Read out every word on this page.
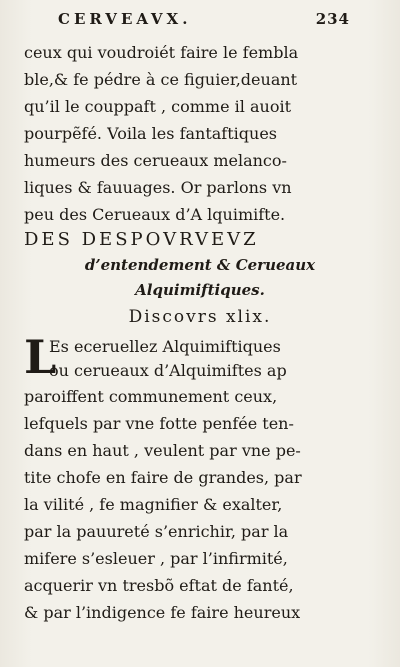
CERVEAVX.	234
ceux qui voudroiét faire le fembla
ble,& fe pédre à ce figuier,deuant
qu’il le couppaft , comme il auoit
pourpẽfé. Voila les fantaftiques
humeurs des cerueaux melanco-
liques & fauuages. Or parlons vn
peu des Cerueaux d’A lquimifte.
DES DESPOVRVEVZ
d’entendement & Cerueaux
Alquimiftiques.
Discovrs xlix.
L
Es eceruellez Alquimiftiques
ou cerueaux d’Alquimiftes ap
paroiffent communement ceux,
lefquels par vne fotte penfée ten-
dans en haut , veulent par vne pe-
tite chofe en faire de grandes, par
la vilité , fe magnifier & exalter,
par la pauureté s’enrichir, par la
mifere s’esleuer , par l’infirmité,
acquerir vn tresbõ eftat de fanté,
& par l’indigence fe faire heureux
